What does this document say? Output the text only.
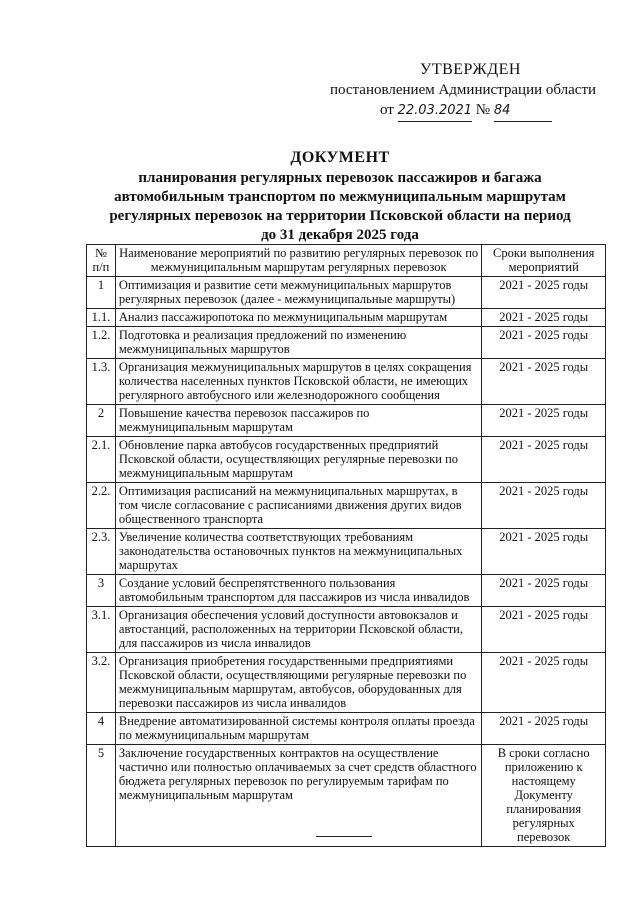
УТВЕРЖДЕН
постановлением Администрации области
от 22.03.2021 № 84
ДОКУМЕНТ
планирования регулярных перевозок пассажиров и багажа
автомобильным транспортом по межмуниципальным маршрутам
регулярных перевозок на территории Псковской области на период
до 31 декабря 2025 года
№ п/п	Наименование мероприятий по развитию регулярных перевозок по межмуниципальным маршрутам регулярных перевозок	Сроки выполнения мероприятий
1	Оптимизация и развитие сети межмуниципальных маршрутов регулярных перевозок (далее - межмуниципальные маршруты)	2021 - 2025 годы
1.1.	Анализ пассажиропотока по межмуниципальным маршрутам	2021 - 2025 годы
1.2.	Подготовка и реализация предложений по изменению межмуниципальных маршрутов	2021 - 2025 годы
1.3.	Организация межмуниципальных маршрутов в целях сокращения количества населенных пунктов Псковской области, не имеющих регулярного автобусного или железнодорожного сообщения	2021 - 2025 годы
2	Повышение качества перевозок пассажиров по межмуниципальным маршрутам	2021 - 2025 годы
2.1.	Обновление парка автобусов государственных предприятий Псковской области, осуществляющих регулярные перевозки по межмуниципальным маршрутам	2021 - 2025 годы
2.2.	Оптимизация расписаний на межмуниципальных маршрутах, в том числе согласование с расписаниями движения других видов общественного транспорта	2021 - 2025 годы
2.3.	Увеличение количества соответствующих требованиям законодательства остановочных пунктов на межмуниципальных маршрутах	2021 - 2025 годы
3	Создание условий беспрепятственного пользования автомобильным транспортом для пассажиров из числа инвалидов	2021 - 2025 годы
3.1.	Организация обеспечения условий доступности автовокзалов и автостанций, расположенных на территории Псковской области, для пассажиров из числа инвалидов	2021 - 2025 годы
3.2.	Организация приобретения государственными предприятиями Псковской области, осуществляющими регулярные перевозки по межмуниципальным маршрутам, автобусов, оборудованных для перевозки пассажиров из числа инвалидов	2021 - 2025 годы
4	Внедрение автоматизированной системы контроля оплаты проезда по межмуниципальным маршрутам	2021 - 2025 годы
5	Заключение государственных контрактов на осуществление частично или полностью оплачиваемых за счет средств областного бюджета регулярных перевозок по регулируемым тарифам по межмуниципальным маршрутам	В сроки согласно приложению к настоящему Документу планирования регулярных перевозок
